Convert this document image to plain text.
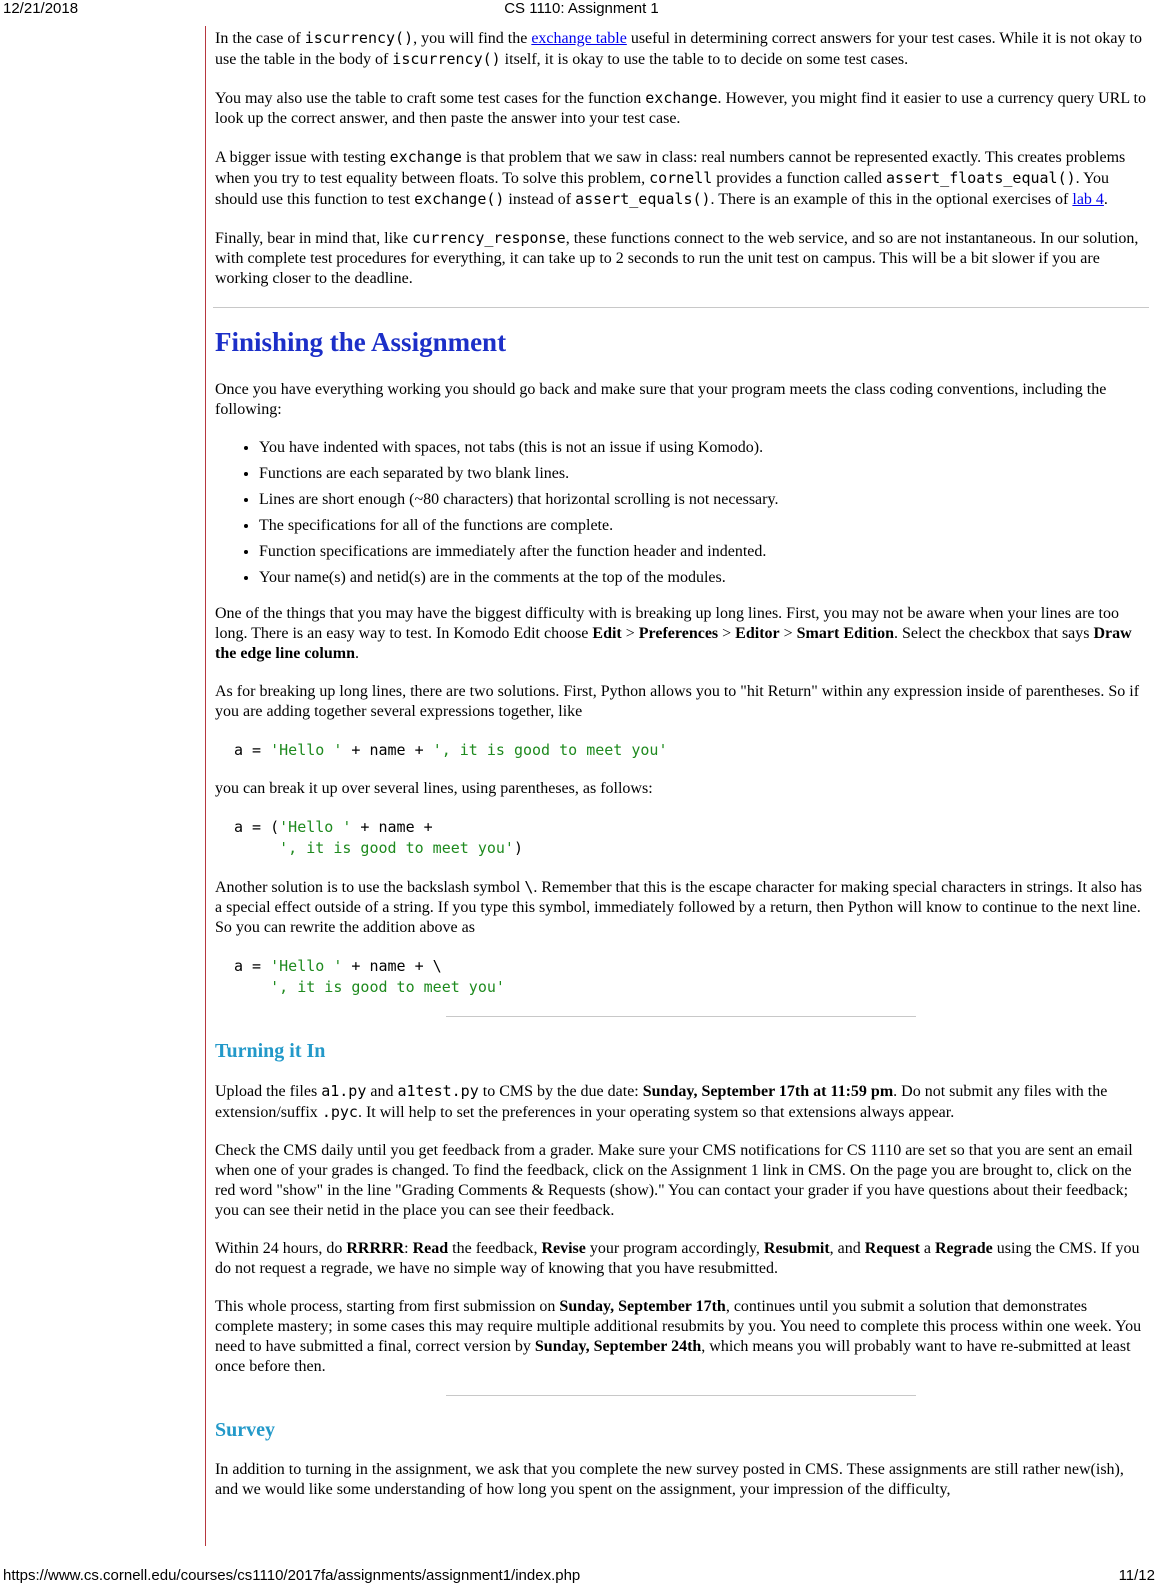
12/21/2018	CS 1110: Assignment 1

In the case of iscurrency(), you will find the exchange table useful in determining correct answers for your test cases. While it is not okay to use the table in the body of iscurrency() itself, it is okay to use the table to to decide on some test cases.

You may also use the table to craft some test cases for the function exchange. However, you might find it easier to use a currency query URL to look up the correct answer, and then paste the answer into your test case.

A bigger issue with testing exchange is that problem that we saw in class: real numbers cannot be represented exactly. This creates problems when you try to test equality between floats. To solve this problem, cornell provides a function called assert_floats_equal(). You should use this function to test exchange() instead of assert_equals(). There is an example of this in the optional exercises of lab 4.

Finally, bear in mind that, like currency_response, these functions connect to the web service, and so are not instantaneous. In our solution, with complete test procedures for everything, it can take up to 2 seconds to run the unit test on campus. This will be a bit slower if you are working closer to the deadline.

Finishing the Assignment

Once you have everything working you should go back and make sure that your program meets the class coding conventions, including the following:

• You have indented with spaces, not tabs (this is not an issue if using Komodo).
• Functions are each separated by two blank lines.
• Lines are short enough (~80 characters) that horizontal scrolling is not necessary.
• The specifications for all of the functions are complete.
• Function specifications are immediately after the function header and indented.
• Your name(s) and netid(s) are in the comments at the top of the modules.

One of the things that you may have the biggest difficulty with is breaking up long lines. First, you may not be aware when your lines are too long. There is an easy way to test. In Komodo Edit choose Edit > Preferences > Editor > Smart Edition. Select the checkbox that says Draw the edge line column.

As for breaking up long lines, there are two solutions. First, Python allows you to "hit Return" within any expression inside of parentheses. So if you are adding together several expressions together, like

a = 'Hello ' + name + ', it is good to meet you'

you can break it up over several lines, using parentheses, as follows:

a = ('Hello ' + name +
', it is good to meet you')

Another solution is to use the backslash symbol \. Remember that this is the escape character for making special characters in strings. It also has a special effect outside of a string. If you type this symbol, immediately followed by a return, then Python will know to continue to the next line. So you can rewrite the addition above as

a = 'Hello ' + name + \
', it is good to meet you'
Turning it In

Upload the files a1.py and a1test.py to CMS by the due date: Sunday, September 17th at 11:59 pm. Do not submit any files with the extension/suffix .pyc. It will help to set the preferences in your operating system so that extensions always appear.

Check the CMS daily until you get feedback from a grader. Make sure your CMS notifications for CS 1110 are set so that you are sent an email when one of your grades is changed. To find the feedback, click on the Assignment 1 link in CMS. On the page you are brought to, click on the red word "show" in the line "Grading Comments & Requests (show)." You can contact your grader if you have questions about their feedback; you can see their netid in the place you can see their feedback.

Within 24 hours, do RRRRR: Read the feedback, Revise your program accordingly, Resubmit, and Request a Regrade using the CMS. If you do not request a regrade, we have no simple way of knowing that you have resubmitted.

This whole process, starting from first submission on Sunday, September 17th, continues until you submit a solution that demonstrates complete mastery; in some cases this may require multiple additional resubmits by you. You need to complete this process within one week. You need to have submitted a final, correct version by Sunday, September 24th, which means you will probably want to have re-submitted at least once before then.

Survey

In addition to turning in the assignment, we ask that you complete the new survey posted in CMS. These assignments are still rather new(ish), and we would like some understanding of how long you spent on the assignment, your impression of the difficulty,

https://www.cs.cornell.edu/courses/cs1110/2017fa/assignments/assignment1/index.php	11/12
